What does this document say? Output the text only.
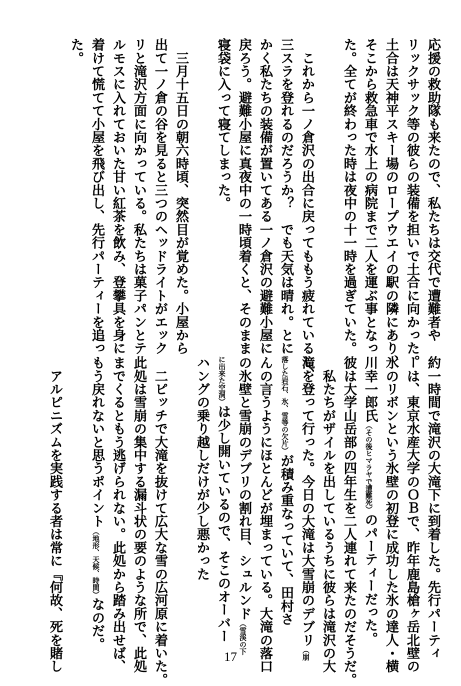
応援の救助隊も来たので、私たちは交代で遭難者や
リックサック等の彼らの装備を担いで土合に向かった。
土合は天神平スキー場のロープウエイの駅の隣にあり、
そこから救急車で水上の病院まで二人を運ぶ事となっ
た。全てが終わった時は夜中の十一時を過ぎていた。
　これから一ノ倉沢の出合に戻ってももう疲れているし、
三スラを登れるのだろうか？　でも天気は晴れ。とに
かく私たちの装備が置いてある一ノ倉沢の避難小屋に
戻ろう。避難小屋に真夜中の一時頃着くと、そのまま
寝袋に入って寝てしまった。
　三月十五日の朝六時頃、突然目が覚めた。小屋から
出て一ノ倉の谷を見ると三つのヘッドライトがエック
リと滝沢方面に向かっている。私たちは菓子パンとテ
ルモスに入れておいた甘い紅茶を飲み、登攀具を身に
着けて慌てて小屋を飛び出し、先行パーティーを追っ
た。
約一時間で滝沢の大滝下に到着した。先行パーティ
ーは、東京水産大学のＯＢで、昨年鹿島槍ヶ岳北壁の
氷のリボンという氷壁の初登に成功した氷の達人・横
川幸一郎氏（その後ヒマラヤで遭難死）のパーティーだった。
彼は大学山岳部の四年生を二人連れて来たのだそうだ。
　私たちがザイルを出しているうちに彼らは滝沢の大
滝を登って行った。今日の大滝は大雪崩のデブリ（崩
落した岩石、氷、雪等の欠片）が積み重なっていて、田村さ
んの言うようにほとんどが埋まっている。大滝の落口
の氷壁と雪崩のデブリの割れ目、シュルンド（雪渓の下
に出来た空洞）は少し開いているので、そこのオーバー
ハングの乗り越しだけが少し悪かった
　二ピッチで大滝を抜けて広大な雪の広河原に着いた。
此処は雪崩の集中する漏斗状の要のような所で、此処
までくるともう逃げられない。此処から踏み出せば、
もう戻れないと思うポイント（地形、天候、時間）なのだ。
　アルピニズムを実践する者は常に『何故、死を賭し	17
